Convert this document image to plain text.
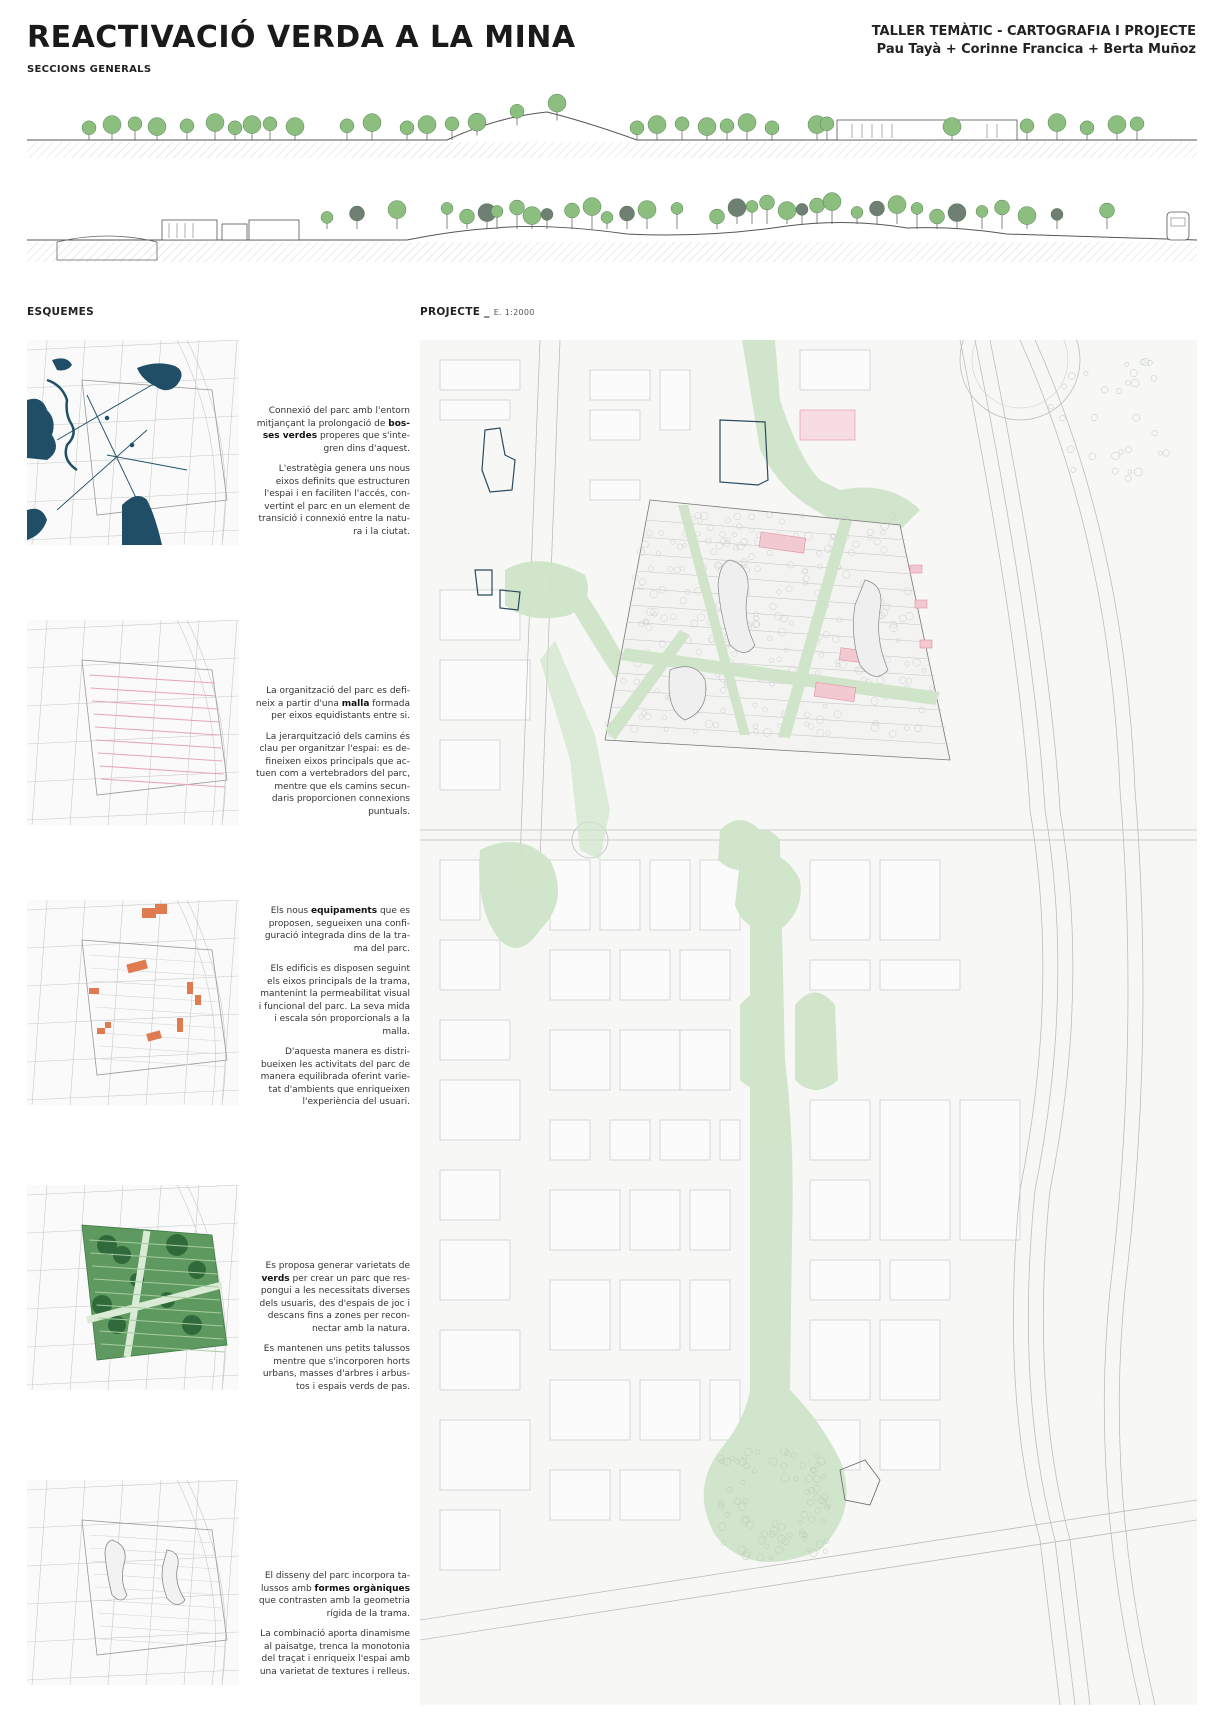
REACTIVACIÓ VERDA A LA MINA
SECCIONS GENERALS
TALLER TEMÀTIC - CARTOGRAFIA I PROJECTE
Pau Tayà + Corinne Francica + Berta Muñoz
ESQUEMES	PROJECTE _ E. 1:2000

Connexió del parc amb l'entorn mitjançant la prolongació de bos-ses verdes properes que s'inte-gren dins d'aquest.

L'estratègia genera uns nous eixos definits que estructuren l'espai i en faciliten l'accés, con-vertint el parc en un element de transició i connexió entre la natu-ra i la ciutat.

La organització del parc es defi-neix a partir d'una malla formada per eixos equidistants entre si.

La jerarquització dels camins és clau per organitzar l'espai: es de-fineixen eixos principals que ac-tuen com a vertebradors del parc, mentre que els camins secun-daris proporcionen connexions puntuals.

Els nous equipaments que es proposen, segueixen una confi-guració integrada dins de la tra-ma del parc.

Els edificis es disposen seguint els eixos principals de la trama, mantenint la permeabilitat visual i funcional del parc. La seva mida i escala són proporcionals a la malla.

D'aquesta manera es distri-bueixen les activitats del parc de manera equilibrada oferint varie-tat d'ambients que enriqueixen l'experiència del usuari.

Es proposa generar varietats de verds per crear un parc que res-pongui a les necessitats diverses dels usuaris, des d'espais de joc i descans fins a zones per recon-nectar amb la natura.

Es mantenen uns petits talussos mentre que s'incorporen horts urbans, masses d'arbres i arbus-tos i espais verds de pas.

El disseny del parc incorpora ta-lussos amb formes orgàniques que contrasten amb la geometria rígida de la trama.

La combinació aporta dinamisme al paisatge, trenca la monotonia del traçat i enriqueix l'espai amb una varietat de textures i relleus.
